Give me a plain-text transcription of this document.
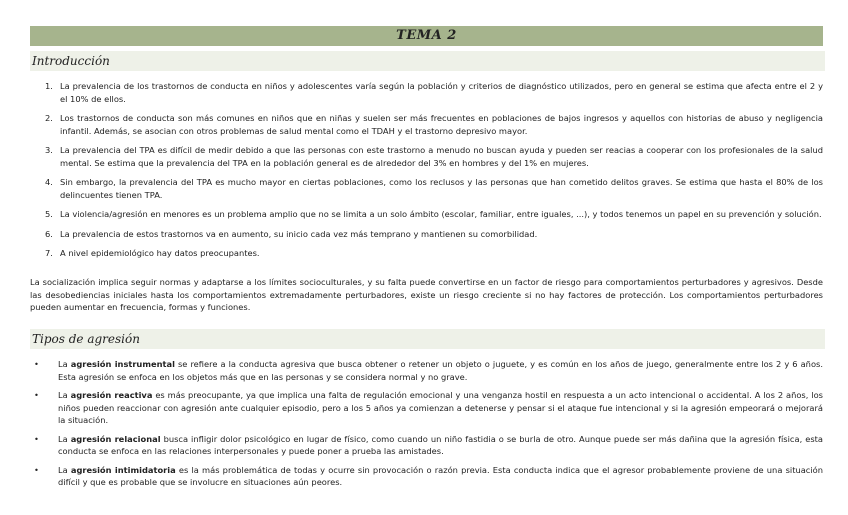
TEMA 2
Introducción
1. La prevalencia de los trastornos de conducta en niños y adolescentes varía según la población y criterios de diagnóstico utilizados, pero en general se estima que afecta entre el 2 y el 10% de ellos.
2. Los trastornos de conducta son más comunes en niños que en niñas y suelen ser más frecuentes en poblaciones de bajos ingresos y aquellos con historias de abuso y negligencia infantil. Además, se asocian con otros problemas de salud mental como el TDAH y el trastorno depresivo mayor.
3. La prevalencia del TPA es difícil de medir debido a que las personas con este trastorno a menudo no buscan ayuda y pueden ser reacias a cooperar con los profesionales de la salud mental. Se estima que la prevalencia del TPA en la población general es de alrededor del 3% en hombres y del 1% en mujeres.
4. Sin embargo, la prevalencia del TPA es mucho mayor en ciertas poblaciones, como los reclusos y las personas que han cometido delitos graves. Se estima que hasta el 80% de los delincuentes tienen TPA.
5. La violencia/agresión en menores es un problema amplio que no se limita a un solo ámbito (escolar, familiar, entre iguales, ...), y todos tenemos un papel en su prevención y solución.
6. La prevalencia de estos trastornos va en aumento, su inicio cada vez más temprano y mantienen su comorbilidad.
7. A nivel epidemiológico hay datos preocupantes.

La socialización implica seguir normas y adaptarse a los límites socioculturales, y su falta puede convertirse en un factor de riesgo para comportamientos perturbadores y agresivos. Desde las desobediencias iniciales hasta los comportamientos extremadamente perturbadores, existe un riesgo creciente si no hay factores de protección. Los comportamientos perturbadores pueden aumentar en frecuencia, formas y funciones.

Tipos de agresión
• La agresión instrumental se refiere a la conducta agresiva que busca obtener o retener un objeto o juguete, y es común en los años de juego, generalmente entre los 2 y 6 años. Esta agresión se enfoca en los objetos más que en las personas y se considera normal y no grave.
• La agresión reactiva es más preocupante, ya que implica una falta de regulación emocional y una venganza hostil en respuesta a un acto intencional o accidental. A los 2 años, los niños pueden reaccionar con agresión ante cualquier episodio, pero a los 5 años ya comienzan a detenerse y pensar si el ataque fue intencional y si la agresión empeorará o mejorará la situación.
• La agresión relacional busca infligir dolor psicológico en lugar de físico, como cuando un niño fastidia o se burla de otro. Aunque puede ser más dañina que la agresión física, esta conducta se enfoca en las relaciones interpersonales y puede poner a prueba las amistades.
• La agresión intimidatoria es la más problemática de todas y ocurre sin provocación o razón previa. Esta conducta indica que el agresor probablemente proviene de una situación difícil y que es probable que se involucre en situaciones aún peores.
